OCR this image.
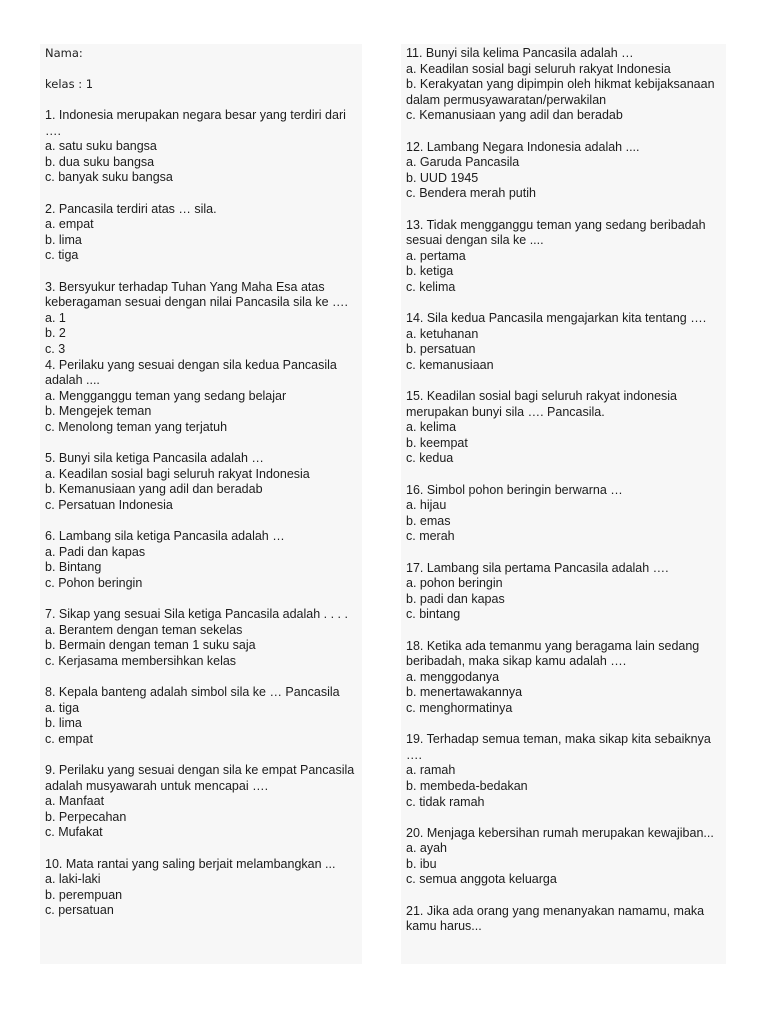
Nama:
kelas : 1
1. Indonesia merupakan negara besar yang terdiri dari ….
a. satu suku bangsa
b. dua suku bangsa
c. banyak suku bangsa
2. Pancasila terdiri atas … sila.
a. empat
b. lima
c. tiga
3. Bersyukur terhadap Tuhan Yang Maha Esa atas keberagaman sesuai dengan nilai Pancasila sila ke ….
a. 1
b. 2
c. 3
4. Perilaku yang sesuai dengan sila kedua Pancasila adalah ....
a. Mengganggu teman yang sedang belajar
b. Mengejek teman
c. Menolong teman yang terjatuh
5. Bunyi sila ketiga Pancasila adalah …
a. Keadilan sosial bagi seluruh rakyat Indonesia
b. Kemanusiaan yang adil dan beradab
c. Persatuan Indonesia
6. Lambang sila ketiga Pancasila adalah …
a. Padi dan kapas
b. Bintang
c. Pohon beringin
7. Sikap yang sesuai Sila ketiga Pancasila adalah . . . .
a. Berantem dengan teman sekelas
b. Bermain dengan teman 1 suku saja
c. Kerjasama membersihkan kelas
8. Kepala banteng adalah simbol sila ke … Pancasila
a. tiga
b. lima
c. empat
9. Perilaku yang sesuai dengan sila ke empat Pancasila adalah musyawarah untuk mencapai ….
a. Manfaat
b. Perpecahan
c. Mufakat
10. Mata rantai yang saling berjait melambangkan ...
a. laki-laki
b. perempuan
c. persatuan
11. Bunyi sila kelima Pancasila adalah …
a. Keadilan sosial bagi seluruh rakyat Indonesia
b. Kerakyatan yang dipimpin oleh hikmat kebijaksanaan dalam permusyawaratan/perwakilan
c. Kemanusiaan yang adil dan beradab
12. Lambang Negara Indonesia adalah ....
a. Garuda Pancasila
b. UUD 1945
c. Bendera merah putih
13. Tidak mengganggu teman yang sedang beribadah sesuai dengan sila ke ....
a. pertama
b. ketiga
c. kelima
14. Sila kedua Pancasila mengajarkan kita tentang ….
a. ketuhanan
b. persatuan
c. kemanusiaan
15. Keadilan sosial bagi seluruh rakyat indonesia merupakan bunyi sila …. Pancasila.
a. kelima
b. keempat
c. kedua
16. Simbol pohon beringin berwarna …
a. hijau
b. emas
c. merah
17. Lambang sila pertama Pancasila adalah ….
a. pohon beringin
b. padi dan kapas
c. bintang
18. Ketika ada temanmu yang beragama lain sedang beribadah, maka sikap kamu adalah ….
a. menggodanya
b. menertawakannya
c. menghormatinya
19. Terhadap semua teman, maka sikap kita sebaiknya ….
a. ramah
b. membeda-bedakan
c. tidak ramah
20. Menjaga kebersihan rumah merupakan kewajiban...
a. ayah
b. ibu
c. semua anggota keluarga
21. Jika ada orang yang menanyakan namamu, maka kamu harus...
